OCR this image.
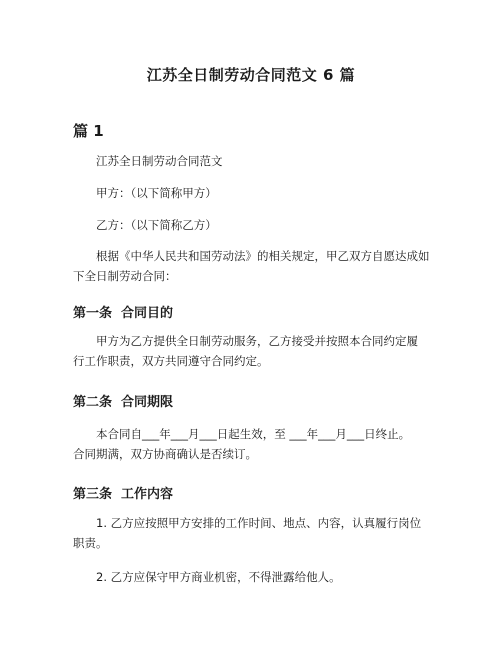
江苏全日制劳动合同范文 6 篇
篇 1
江苏全日制劳动合同范文
甲方：（以下简称甲方）
乙方：（以下简称乙方）
根据《中华人民共和国劳动法》的相关规定，甲乙双方自愿达成如
下全日制劳动合同：
第一条 合同目的
甲方为乙方提供全日制劳动服务，乙方接受并按照本合同约定履
行工作职责，双方共同遵守合同约定。
第二条 合同期限
本合同自___年___月___日起生效，至 ___年___月___日终止。
合同期满，双方协商确认是否续订。
第三条 工作内容
1. 乙方应按照甲方安排的工作时间、地点、内容，认真履行岗位
职责。
2. 乙方应保守甲方商业机密，不得泄露给他人。
